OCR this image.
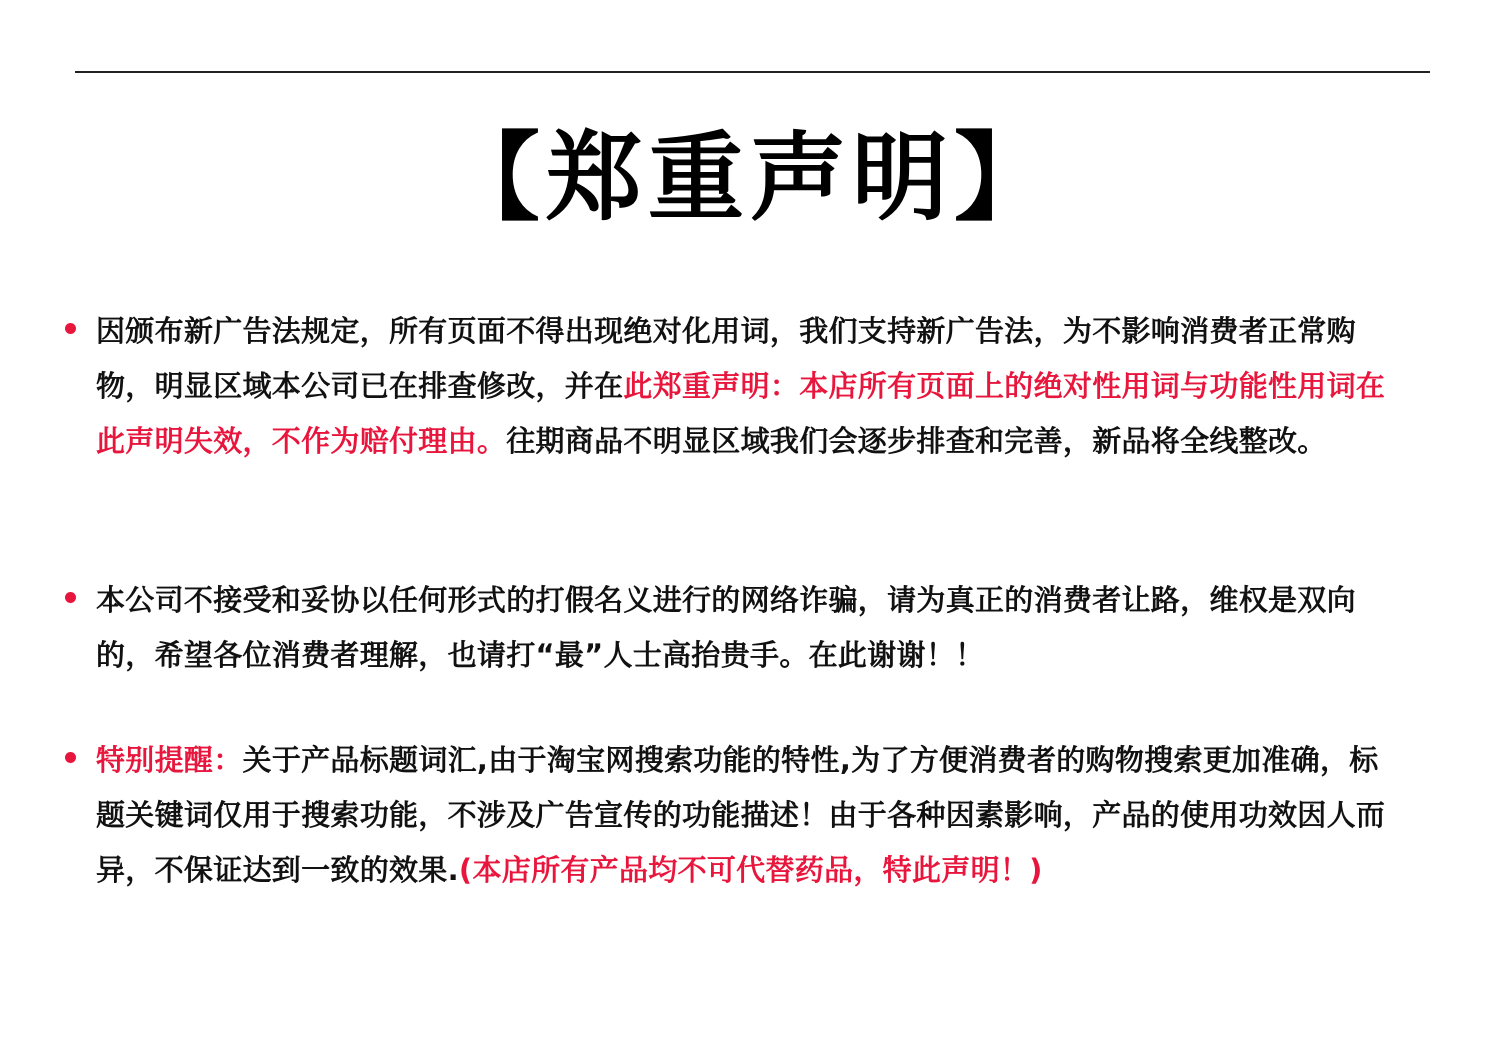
【郑重声明】
因颁布新广告法规定，所有页面不得出现绝对化用词，我们支持新广告法，为不影响消费者正常购物，明显区域本公司已在排查修改，并在此郑重声明：本店所有页面上的绝对性用词与功能性用词在此声明失效，不作为赔付理由。往期商品不明显区域我们会逐步排查和完善，新品将全线整改。
本公司不接受和妥协以任何形式的打假名义进行的网络诈骗，请为真正的消费者让路，维权是双向的，希望各位消费者理解，也请打“最”人士高抬贵手。在此谢谢！！
特别提醒：关于产品标题词汇,由于淘宝网搜索功能的特性,为了方便消费者的购物搜索更加准确，标题关键词仅用于搜索功能，不涉及广告宣传的功能描述！由于各种因素影响，产品的使用功效因人而异，不保证达到一致的效果.(本店所有产品均不可代替药品，特此声明！)
